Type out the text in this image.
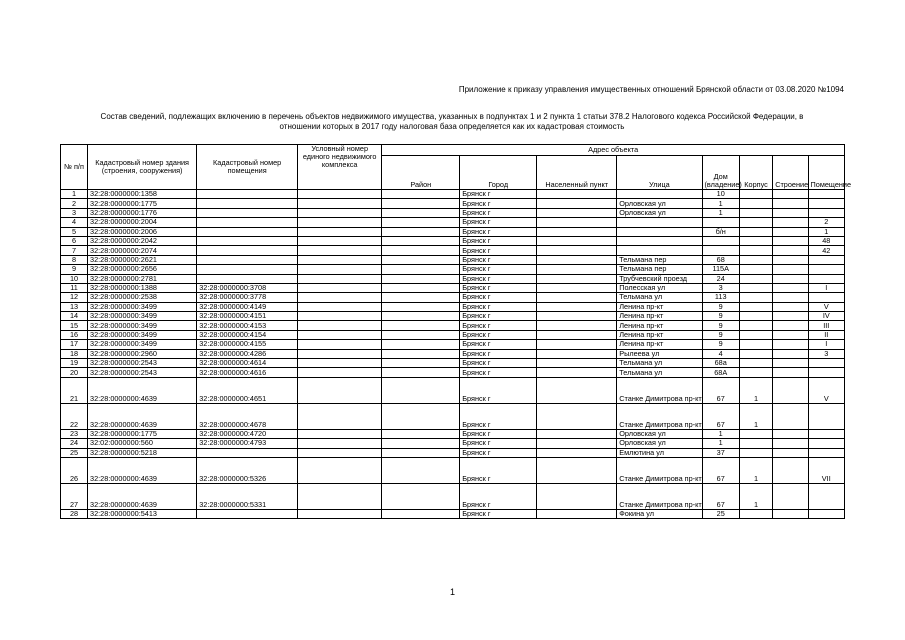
Приложение к приказу управления имущественных отношений Брянской области от 03.08.2020 №1094
Состав сведений, подлежащих включению в перечень объектов недвижимого имущества, указанных в подпунктах 1 и 2 пункта 1 статьи 378.2 Налогового кодекса Российской Федерации, в
отношении которых в 2017 году налоговая база определяется как их кадастровая стоимость
№ п/п	Кадастровый номер здания (строения, сооружения)	Кадастровый номер помещения	Условный номер единого недвижимого комплекса	Адрес объекта							
				Район	Город	Населенный пункт	Улица	Дом (владение)	Корпус	Строение	Помещение
1	32:28:0000000:1358				Брянск г			10			
2	32:28:0000000:1775				Брянск г		Орловская ул	1			
3	32:28:0000000:1776				Брянск г		Орловская ул	1			
4	32:28:0000000:2004				Брянск г						2
5	32:28:0000000:2006				Брянск г			б/н			1
6	32:28:0000000:2042				Брянск г						48
7	32:28:0000000:2074				Брянск г						42
8	32:28:0000000:2621				Брянск г		Тельмана пер	68			
9	32:28:0000000:2656				Брянск г		Тельмана пер	115А			
10	32:28:0000000:2781				Брянск г		Трубчевский проезд	24			
11	32:28:0000000:1388	32:28:0000000:3708			Брянск г		Полесская ул	3			I
12	32:28:0000000:2538	32:28:0000000:3778			Брянск г		Тельмана ул	113			
13	32:28:0000000:3499	32:28:0000000:4149			Брянск г		Ленина пр-кт	9			V
14	32:28:0000000:3499	32:28:0000000:4151			Брянск г		Ленина пр-кт	9			IV
15	32:28:0000000:3499	32:28:0000000:4153			Брянск г		Ленина пр-кт	9			III
16	32:28:0000000:3499	32:28:0000000:4154			Брянск г		Ленина пр-кт	9			II
17	32:28:0000000:3499	32:28:0000000:4155			Брянск г		Ленина пр-кт	9			I
18	32:28:0000000:2960	32:28:0000000:4286			Брянск г		Рылеева ул	4			3
19	32:28:0000000:2543	32:28:0000000:4614			Брянск г		Тельмана ул	68а			
20	32:28:0000000:2543	32:28:0000000:4616			Брянск г		Тельмана ул	68А			
21	32:28:0000000:4639	32:28:0000000:4651			Брянск г		Станке Димитрова пр-кт	67	1		V
22	32:28:0000000:4639	32:28:0000000:4678			Брянск г		Станке Димитрова пр-кт	67	1		
23	32:28:0000000:1775	32:28:0000000:4720			Брянск г		Орловская ул	1			
24	32:02:0000000:560	32:28:0000000:4793			Брянск г		Орловская ул	1			
25	32:28:0000000:5218				Брянск г		Емлютина ул	37			
26	32:28:0000000:4639	32:28:0000000:5326			Брянск г		Станке Димитрова пр-кт	67	1		VII
27	32:28:0000000:4639	32:28:0000000:5331			Брянск г		Станке Димитрова пр-кт	67	1		
28	32:28:0000000:5413				Брянск г		Фокина ул	25			
1
